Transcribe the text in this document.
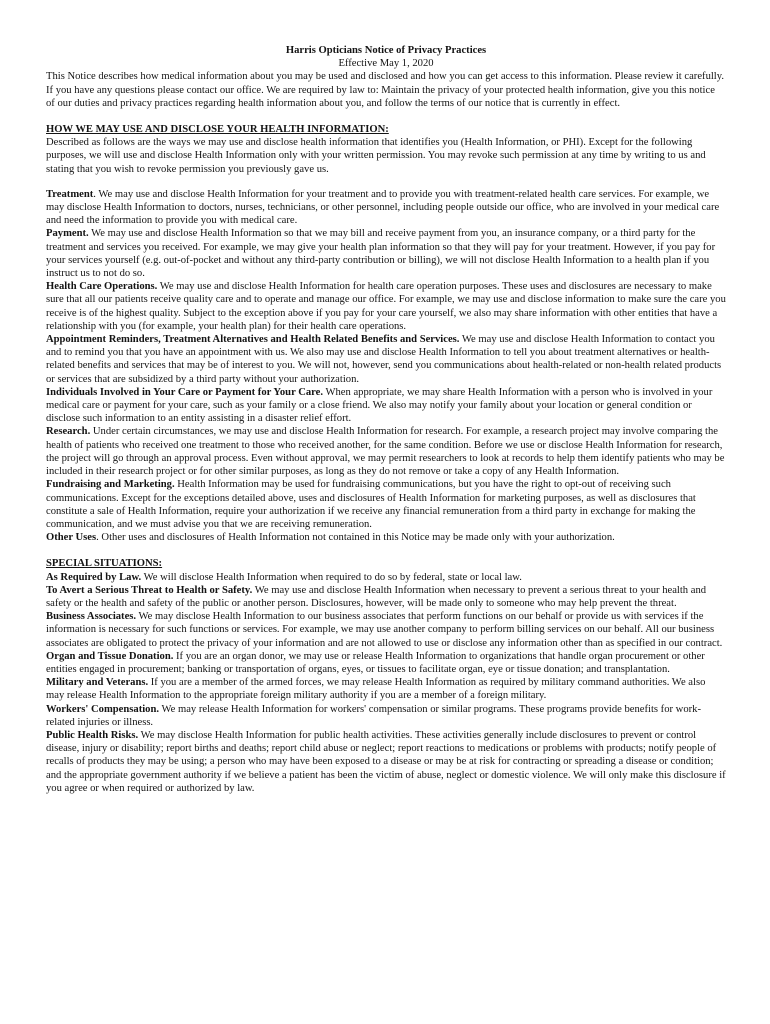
Harris Opticians Notice of Privacy Practices

Effective May 1, 2020

This Notice describes how medical information about you may be used and disclosed and how you can get access to this information. Please review it carefully. If you have any questions please contact our office. We are required by law to: Maintain the privacy of your protected health information, give you this notice of our duties and privacy practices regarding health information about you, and follow the terms of our notice that is currently in effect.

HOW WE MAY USE AND DISCLOSE YOUR HEALTH INFORMATION:

Described as follows are the ways we may use and disclose health information that identifies you (Health Information, or PHI). Except for the following purposes, we will use and disclose Health Information only with your written permission. You may revoke such permission at any time by writing to us and stating that you wish to revoke permission you previously gave us.

Treatment. We may use and disclose Health Information for your treatment and to provide you with treatment-related health care services. For example, we may disclose Health Information to doctors, nurses, technicians, or other personnel, including people outside our office, who are involved in your medical care and need the information to provide you with medical care.

Payment. We may use and disclose Health Information so that we may bill and receive payment from you, an insurance company, or a third party for the treatment and services you received. For example, we may give your health plan information so that they will pay for your treatment. However, if you pay for your services yourself (e.g. out-of-pocket and without any third-party contribution or billing), we will not disclose Health Information to a health plan if you instruct us to not do so.

Health Care Operations. We may use and disclose Health Information for health care operation purposes. These uses and disclosures are necessary to make sure that all our patients receive quality care and to operate and manage our office. For example, we may use and disclose information to make sure the care you receive is of the highest quality. Subject to the exception above if you pay for your care yourself, we also may share information with other entities that have a relationship with you (for example, your health plan) for their health care operations.

Appointment Reminders, Treatment Alternatives and Health Related Benefits and Services. We may use and disclose Health Information to contact you and to remind you that you have an appointment with us. We also may use and disclose Health Information to tell you about treatment alternatives or health-related benefits and services that may be of interest to you. We will not, however, send you communications about health-related or non-health related products or services that are subsidized by a third party without your authorization.

Individuals Involved in Your Care or Payment for Your Care. When appropriate, we may share Health Information with a person who is involved in your medical care or payment for your care, such as your family or a close friend. We also may notify your family about your location or general condition or disclose such information to an entity assisting in a disaster relief effort.

Research. Under certain circumstances, we may use and disclose Health Information for research. For example, a research project may involve comparing the health of patients who received one treatment to those who received another, for the same condition. Before we use or disclose Health Information for research, the project will go through an approval process. Even without approval, we may permit researchers to look at records to help them identify patients who may be included in their research project or for other similar purposes, as long as they do not remove or take a copy of any Health Information.

Fundraising and Marketing. Health Information may be used for fundraising communications, but you have the right to opt-out of receiving such communications. Except for the exceptions detailed above, uses and disclosures of Health Information for marketing purposes, as well as disclosures that constitute a sale of Health Information, require your authorization if we receive any financial remuneration from a third party in exchange for making the communication, and we must advise you that we are receiving remuneration.

Other Uses. Other uses and disclosures of Health Information not contained in this Notice may be made only with your authorization.

SPECIAL SITUATIONS:

As Required by Law. We will disclose Health Information when required to do so by federal, state or local law.

To Avert a Serious Threat to Health or Safety. We may use and disclose Health Information when necessary to prevent a serious threat to your health and safety or the health and safety of the public or another person. Disclosures, however, will be made only to someone who may help prevent the threat.

Business Associates. We may disclose Health Information to our business associates that perform functions on our behalf or provide us with services if the information is necessary for such functions or services. For example, we may use another company to perform billing services on our behalf. All our business associates are obligated to protect the privacy of your information and are not allowed to use or disclose any information other than as specified in our contract.

Organ and Tissue Donation. If you are an organ donor, we may use or release Health Information to organizations that handle organ procurement or other entities engaged in procurement; banking or transportation of organs, eyes, or tissues to facilitate organ, eye or tissue donation; and transplantation.

Military and Veterans. If you are a member of the armed forces, we may release Health Information as required by military command authorities. We also may release Health Information to the appropriate foreign military authority if you are a member of a foreign military.

Workers' Compensation. We may release Health Information for workers' compensation or similar programs. These programs provide benefits for work-related injuries or illness.

Public Health Risks. We may disclose Health Information for public health activities. These activities generally include disclosures to prevent or control disease, injury or disability; report births and deaths; report child abuse or neglect; report reactions to medications or problems with products; notify people of recalls of products they may be using; a person who may have been exposed to a disease or may be at risk for contracting or spreading a disease or condition; and the appropriate government authority if we believe a patient has been the victim of abuse, neglect or domestic violence. We will only make this disclosure if you agree or when required or authorized by law.
